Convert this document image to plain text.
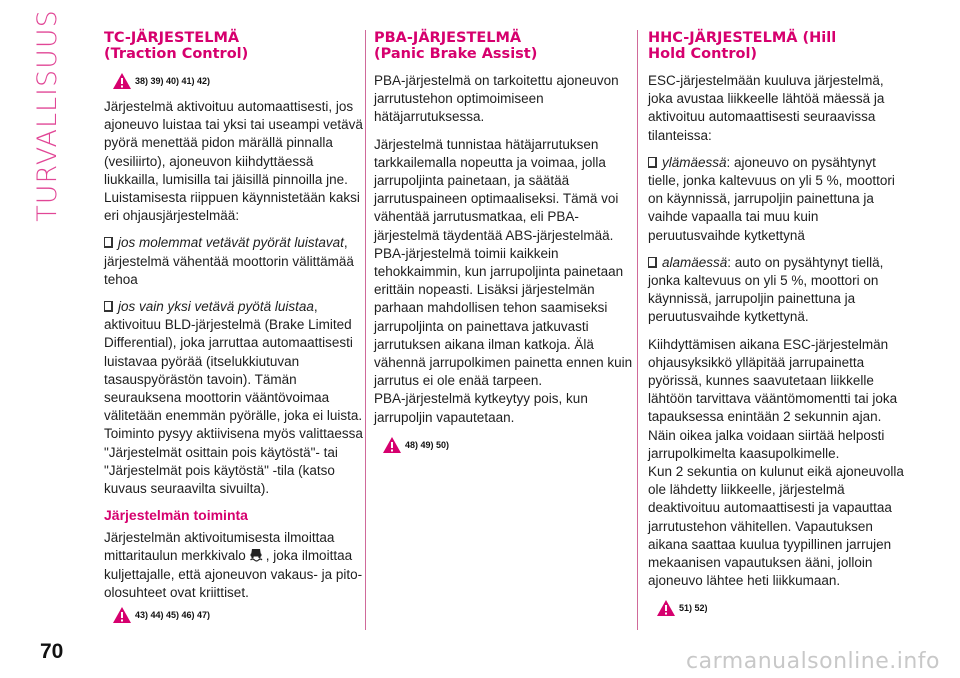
TURVALLISUUS	TC-JÄRJESTELMÄ
(Traction Control)
38) 39) 40) 41) 42)

Järjestelmä aktivoituu automaattisesti, jos ajoneuvo luistaa tai yksi tai useampi vetävä pyörä menettää pidon märällä pinnalla (vesiliirto), ajoneuvon kiihdyttäessä liukkailla, lumisilla tai jäisillä pinnoilla jne. Luistamisesta riippuen käynnistetään kaksi eri ohjausjärjestelmää:

jos molemmat vetävät pyörät luistavat, järjestelmä vähentää moottorin välittämää tehoa

jos vain yksi vetävä pyötä luistaa, aktivoituu BLD-järjestelmä (Brake Limited Differential), joka jarruttaa automaattisesti luistavaa pyörää (itselukkiutuvan tasauspyörästön tavoin). Tämän seurauksena moottorin vääntövoimaa välitetään enemmän pyörälle, joka ei luista. Toiminto pysyy aktiivisena myös valittaessa "Järjestelmät osittain pois käytöstä"- tai "Järjestelmät pois käytöstä" -tila (katso kuvaus seuraavilta sivuilta).

Järjestelmän toiminta

Järjestelmän aktivoitumisesta ilmoittaa mittaritaulun merkkivalo , joka ilmoittaa kuljettajalle, että ajoneuvon vakaus- ja pito-olosuhteet ovat kriittiset.

43) 44) 45) 46) 47)
PBA-JÄRJESTELMÄ
(Panic Brake Assist)

PBA-järjestelmä on tarkoitettu ajoneuvon jarrutustehon optimoimiseen hätäjarrutuksessa.

Järjestelmä tunnistaa hätäjarrutuksen tarkkailemalla nopeutta ja voimaa, jolla jarrupoljinta painetaan, ja säätää jarrutuspaineen optimaaliseksi. Tämä voi vähentää jarrutusmatkaa, eli PBA-järjestelmä täydentää ABS-järjestelmää.

PBA-järjestelmä toimii kaikkein tehokkaimmin, kun jarrupoljinta painetaan erittäin nopeasti. Lisäksi järjestelmän parhaan mahdollisen tehon saamiseksi jarrupoljinta on painettava jatkuvasti jarrutuksen aikana ilman katkoja. Älä vähennä jarrupolkimen painetta ennen kuin jarrutus ei ole enää tarpeen.

PBA-järjestelmä kytkeytyy pois, kun jarrupoljin vapautetaan.

48) 49) 50)
HHC-JÄRJESTELMÄ (Hill
Hold Control)

ESC-järjestelmään kuuluva järjestelmä, joka avustaa liikkeelle lähtöä mäessä ja aktivoituu automaattisesti seuraavissa tilanteissa:

ylämäessä: ajoneuvo on pysähtynyt tielle, jonka kaltevuus on yli 5 %, moottori on käynnissä, jarrupoljin painettuna ja vaihde vapaalla tai muu kuin peruutusvaihde kytkettynä

alamäessä: auto on pysähtynyt tiellä, jonka kaltevuus on yli 5 %, moottori on käynnissä, jarrupoljin painettuna ja peruutusvaihde kytkettynä.

Kiihdyttämisen aikana ESC-järjestelmän ohjausyksikkö ylläpitää jarrupainetta pyörissä, kunnes saavutetaan liikkelle lähtöön tarvittava vääntömomentti tai joka tapauksessa enintään 2 sekunnin ajan. Näin oikea jalka voidaan siirtää helposti jarrupolkimelta kaasupolkimelle.

Kun 2 sekuntia on kulunut eikä ajoneuvolla ole lähdetty liikkeelle, järjestelmä deaktivoituu automaattisesti ja vapauttaa jarrutustehon vähitellen. Vapautuksen aikana saattaa kuulua tyypillinen jarrujen mekaanisen vapautuksen ääni, jolloin ajoneuvo lähtee heti liikkumaan.

51) 52)
70	carmanualsonline.info
